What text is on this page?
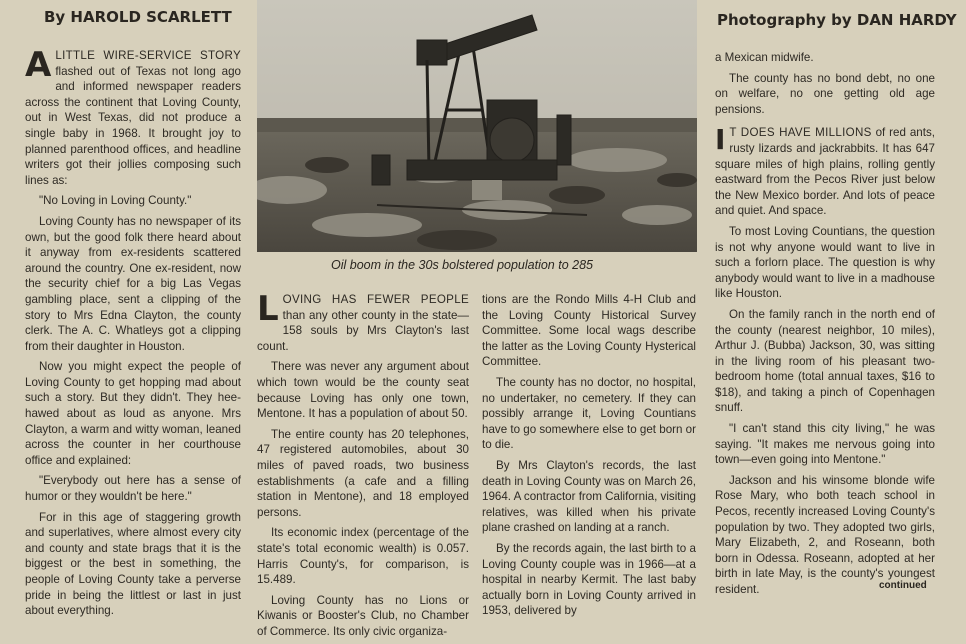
By HAROLD SCARLETT	Photography by DAN HARDY
Oil boom in the 30s bolstered population to 285

ALITTLE WIRE-SERVICE STORY flashed out of Texas not long ago and informed newspaper readers across the continent that Loving County, out in West Texas, did not produce a single baby in 1968. It brought joy to planned parenthood offices, and headline writers got their jollies composing such lines as:

"No Loving in Loving County."

Loving County has no newspaper of its own, but the good folk there heard about it anyway from ex-residents scattered around the country. One ex-resident, now the security chief for a big Las Vegas gambling place, sent a clipping of the story to Mrs Edna Clayton, the county clerk. The A. C. Whatleys got a clipping from their daughter in Houston.

Now you might expect the people of Loving County to get hopping mad about such a story. But they didn't. They hee-hawed about as loud as anyone. Mrs Clayton, a warm and witty woman, leaned across the counter in her courthouse office and explained:

"Everybody out here has a sense of humor or they wouldn't be here."

For in this age of staggering growth and superlatives, where almost every city and county and state brags that it is the biggest or the best in something, the people of Loving County take a perverse pride in being the littlest or last in just about everything.

LOVING HAS FEWER PEOPLE than any other county in the state—158 souls by Mrs Clayton's last count.

There was never any argument about which town would be the county seat because Loving has only one town, Mentone. It has a population of about 50.

The entire county has 20 telephones, 47 registered automobiles, about 30 miles of paved roads, two business establishments (a cafe and a filling station in Mentone), and 18 employed persons.

Its economic index (percentage of the state's total economic wealth) is 0.057. Harris County's, for comparison, is 15.489.

Loving County has no Lions or Kiwanis or Booster's Club, no Chamber of Commerce. Its only civic organiza-

tions are the Rondo Mills 4-H Club and the Loving County Historical Survey Committee. Some local wags describe the latter as the Loving County Hysterical Committee.

The county has no doctor, no hospital, no undertaker, no cemetery. If they can possibly arrange it, Loving Countians have to go somewhere else to get born or to die.

By Mrs Clayton's records, the last death in Loving County was on March 26, 1964. A contractor from California, visiting relatives, was killed when his private plane crashed on landing at a ranch.

By the records again, the last birth to a Loving County couple was in 1966—at a hospital in nearby Kermit. The last baby actually born in Loving County arrived in 1953, delivered by

a Mexican midwife.

The county has no bond debt, no one on welfare, no one getting old age pensions.

IT DOES HAVE MILLIONS of red ants, rusty lizards and jackrabbits. It has 647 square miles of high plains, rolling gently eastward from the Pecos River just below the New Mexico border. And lots of peace and quiet. And space.

To most Loving Countians, the question is not why anyone would want to live in such a forlorn place. The question is why anybody would want to live in a madhouse like Houston.

On the family ranch in the north end of the county (nearest neighbor, 10 miles), Arthur J. (Bubba) Jackson, 30, was sitting in the living room of his pleasant two-bedroom home (total annual taxes, $16 to $18), and taking a pinch of Copenhagen snuff.

"I can't stand this city living," he was saying. "It makes me nervous going into town—even going into Mentone."

Jackson and his winsome blonde wife Rose Mary, who both teach school in Pecos, recently increased Loving County's population by two. They adopted two girls, Mary Elizabeth, 2, and Roseann, both born in Odessa. Roseann, adopted at her birth in late May, is the county's youngest resident.	continued
